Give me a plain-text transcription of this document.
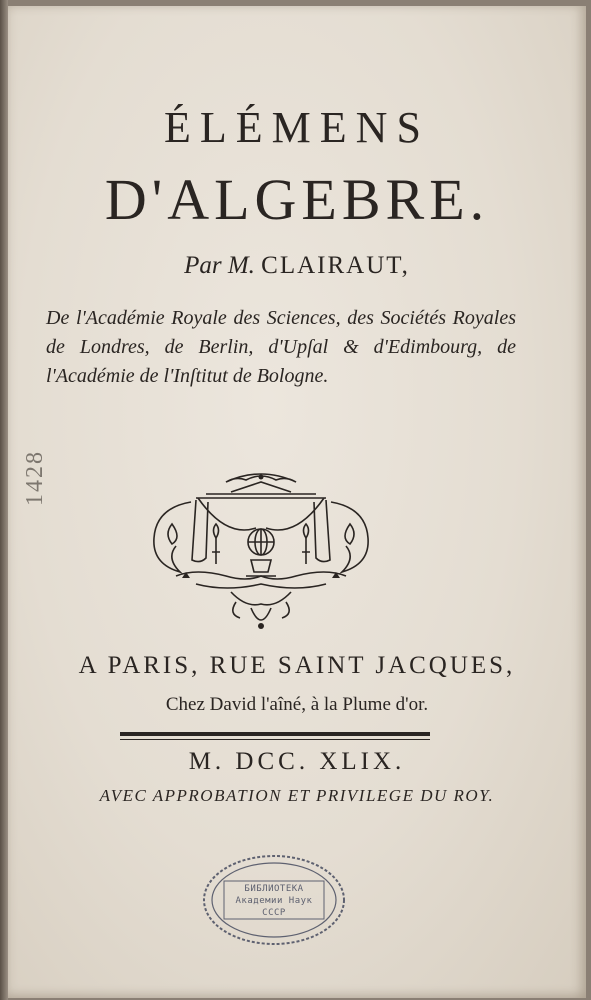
ÉLÉMENS
D'ALGEBRE.
Par M. CLAIRAUT,
De l'Académie Royale des Sciences, des Sociétés Royales de Londres, de Berlin, d'Upſal & d'Edimbourg, de l'Académie de l'Inſtitut de Bologne.
1428
A PARIS, RUE SAINT JACQUES,
Chez David l'aîné, à la Plume d'or.
M. DCC. XLIX.
AVEC APPROBATION ET PRIVILEGE DU ROY.
БИБЛИОТЕКА
Академии Наук
СССР
